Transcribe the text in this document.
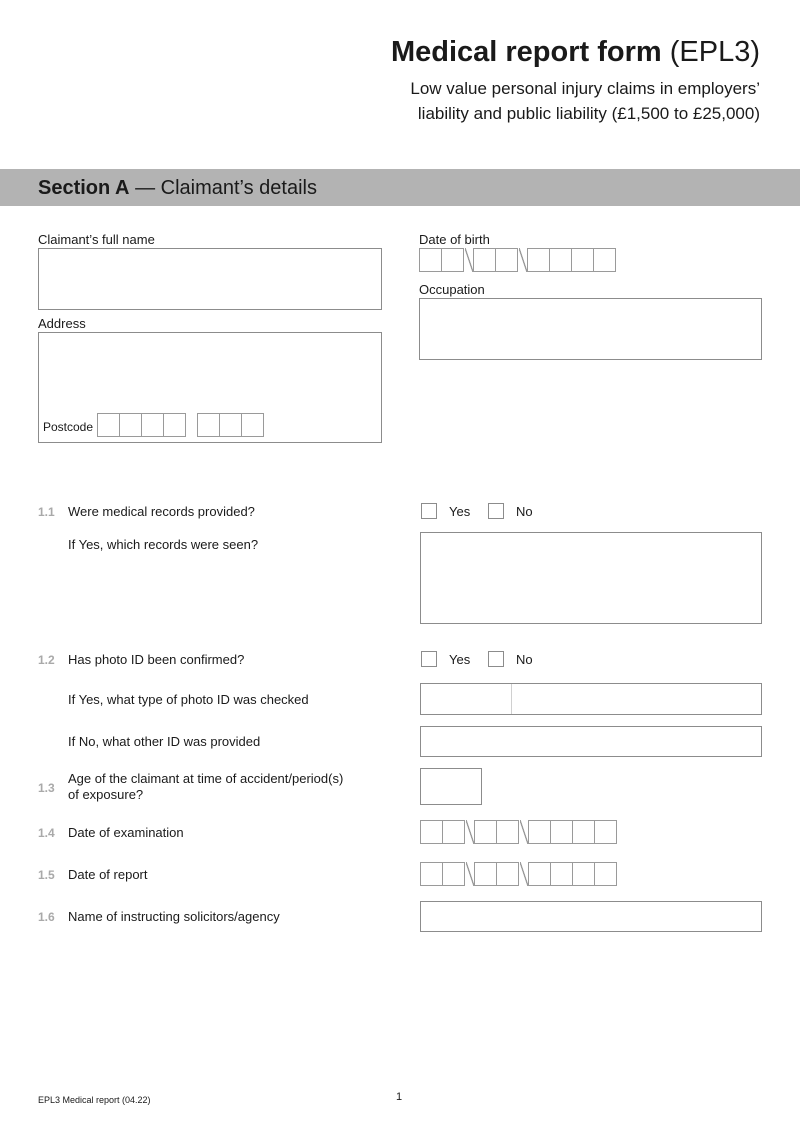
Medical report form (EPL3)
Low value personal injury claims in employers’
liability and public liability (£1,500 to £25,000)
Section A — Claimant’s details
Claimant’s full name
Address
Postcode
Date of birth
Occupation
1.1 Were medical records provided?	Yes	No
If Yes, which records were seen?
1.2 Has photo ID been confirmed?	Yes	No
If Yes, what type of photo ID was checked
If No, what other ID was provided
1.3
Age of the claimant at time of accident/period(s)
of exposure?
1.4 Date of examination
1.5 Date of report
1.6 Name of instructing solicitors/agency
EPL3 Medical report (04.22)	1
